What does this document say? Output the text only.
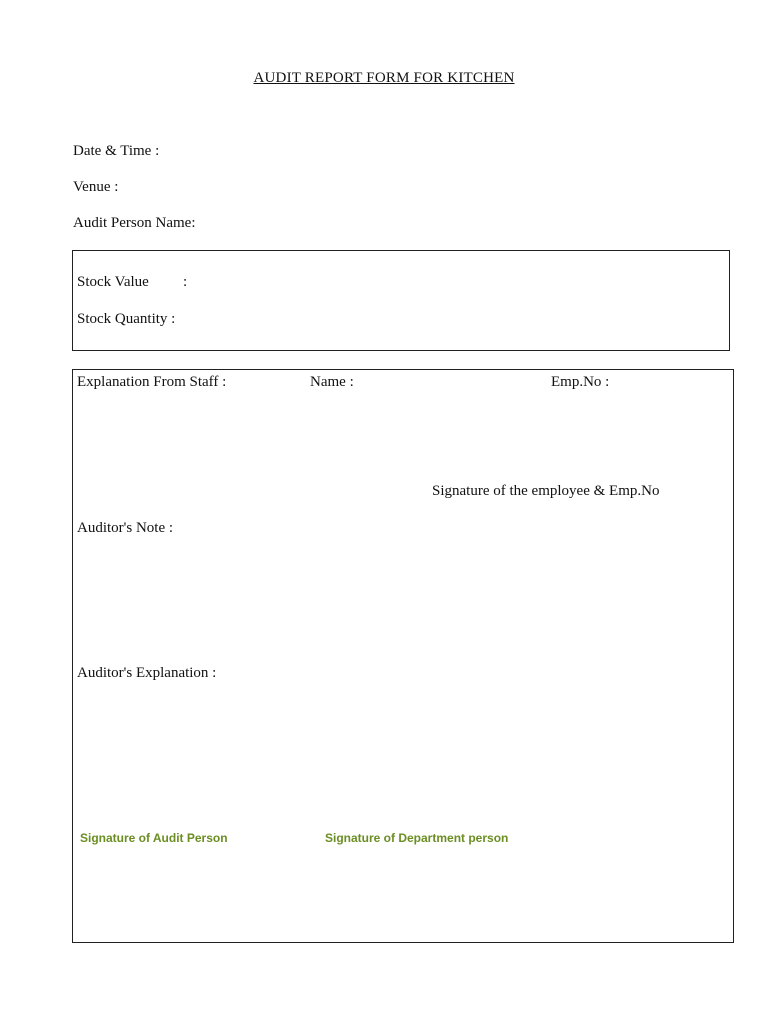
AUDIT REPORT FORM FOR KITCHEN
Date & Time :
Venue :
Audit Person Name:
Stock Value :
Stock Quantity :
Explanation From Staff :	Name :	Emp.No :
Signature of the employee & Emp.No
Auditor's Note :
Auditor's Explanation :
Signature of Audit Person	Signature of Department person
